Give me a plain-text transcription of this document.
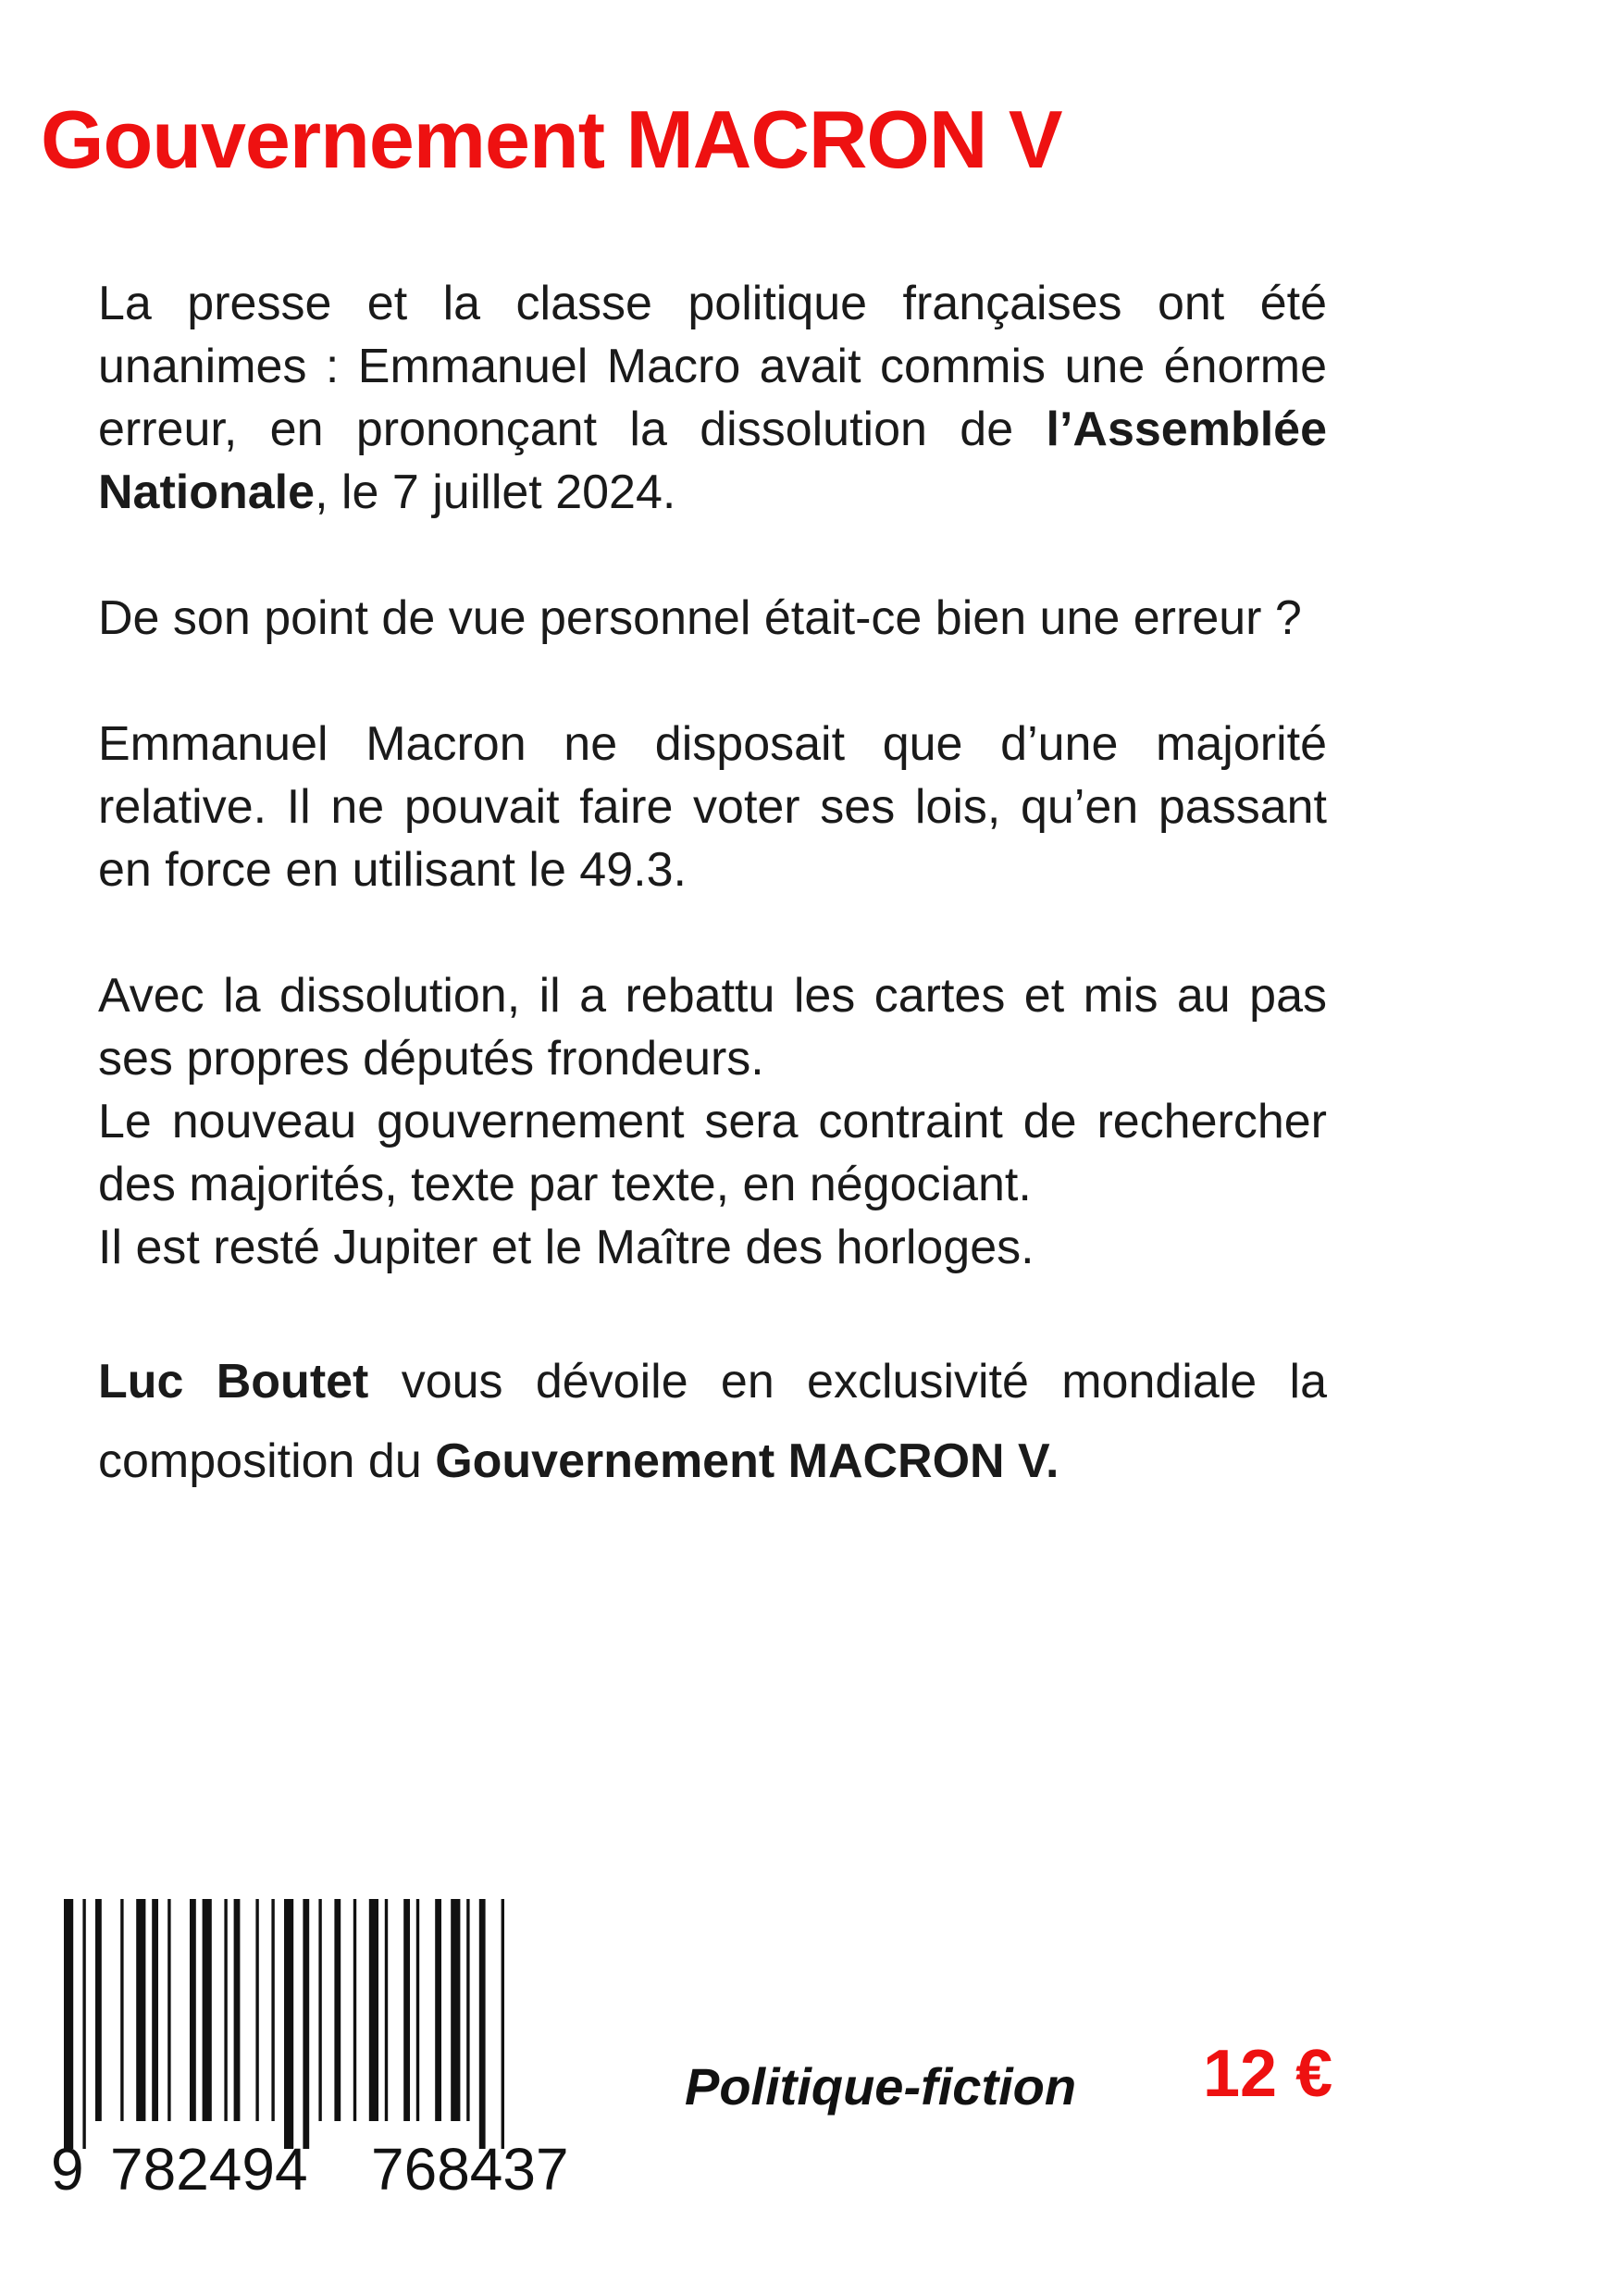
Gouvernement MACRON V

La presse et la classe politique françaises ont été unanimes : Emmanuel Macro avait commis une énorme erreur, en prononçant la dissolution de l’Assemblée Nationale, le 7 juillet 2024.

De son point de vue personnel était-ce bien une erreur ?

Emmanuel Macron ne disposait que d’une majorité relative. Il ne pouvait faire voter ses lois, qu’en passant en force en utilisant le 49.3.

Avec la dissolution, il a rebattu les cartes et mis au pas ses propres députés frondeurs.

Le nouveau gouvernement sera contraint de rechercher des majorités, texte par texte, en négociant.

Il est resté Jupiter et le Maître des horloges.

Luc Boutet vous dévoile en exclusivité mondiale la composition du Gouvernement MACRON V.

9 782494 768437
Politique-fiction 12 €
